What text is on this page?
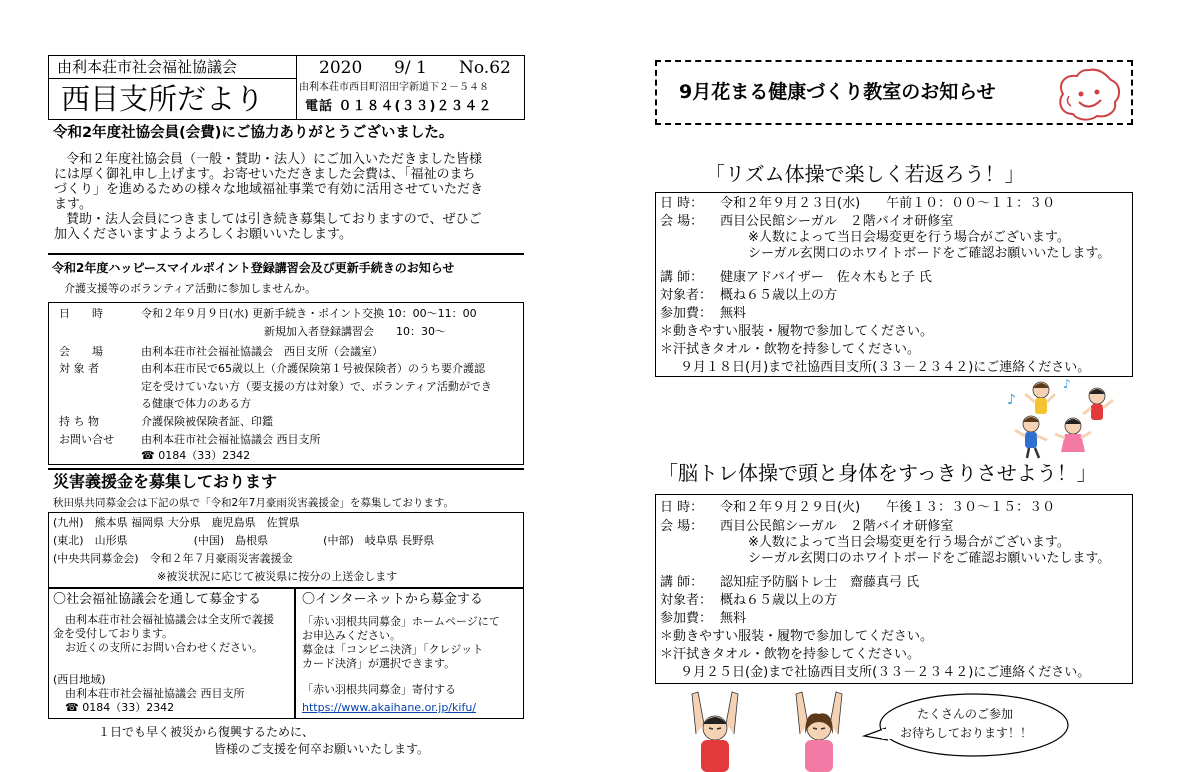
由利本荘市社会福祉協議会
西目支所だより
2020 9/ 1 No.62
由利本荘市西目町沼田字新道下２－５４８
電話 ０１８４(３３)２３４２
令和2年度社協会員(会費)にご協力ありがとうございました。
令和２年度社協会員（一般・賛助・法人）にご加入いただきました皆様
には厚く御礼申し上げます。お寄せいただきました会費は、「福祉のまち
づくり」を進めるための様々な地域福祉事業で有効に活用させていただき
ます。
賛助・法人会員につきましては引き続き募集しておりますので、ぜひご
加入くださいますようよろしくお願いいたします。
令和2年度ハッピースマイルポイント登録講習会及び更新手続きのお知らせ
介護支援等のボランティア活動に参加しませんか。
日　　時	令和２年９月９日(水) 更新手続き・ポイント交換 10：00～11：00
新規加入者登録講習会　　10：30～
会　　場	由利本荘市社会福祉協議会　西目支所（会議室）
対 象 者	由利本荘市民で65歳以上（介護保険第１号被保険者）のうち要介護認
定を受けていない方（要支援の方は対象）で、ボランティア活動ができ
る健康で体力のある方
持 ち 物	介護保険被保険者証、印鑑
お問い合せ 由利本荘市社会福祉協議会 西目支所
☎ 0184（33）2342
災害義援金を募集しております
秋田県共同募金会は下記の県で「令和2年7月豪雨災害義援金」を募集しております。
(九州)　熊本県 福岡県 大分県　鹿児島県　佐賀県
(東北)　山形県　　　　　　(中国)　島根県　　　　　(中部)　岐阜県 長野県
(中央共同募金会)　令和２年７月豪雨災害義援金
※被災状況に応じて被災県に按分の上送金します
〇社会福祉協議会を通して募金する
由利本荘市社会福祉協議会は全支所で義援
金を受付しております。
お近くの支所にお問い合わせください。
(西目地域)
由利本荘市社会福祉協議会 西目支所
☎ 0184（33）2342
〇インターネットから募金する
「赤い羽根共同募金」ホームページにて
お申込みください。
募金は「コンビニ決済」「クレジット
カード決済」が選択できます。
「赤い羽根共同募金」寄付する
https://www.akaihane.or.jp/kifu/
１日でも早く被災から復興するために、
皆様のご支援を何卒お願いいたします。
9月花まる健康づくり教室のお知らせ
「リズム体操で楽しく若返ろう！」
日 時： 令和２年９月２３日(水)　　午前１０：００～１１：３０
会 場： 西目公民館シーガル　２階バイオ研修室
※人数によって当日会場変更を行う場合がございます。
シーガル玄関口のホワイトボードをご確認お願いいたします。
講 師： 健康アドバイザー　佐々木もと子 氏
対象者： 概ね６５歳以上の方
参加費： 無料
＊動きやすい服装・履物で参加してください。
＊汗拭きタオル・飲物を持参してください。
９月１８日(月)まで社協西目支所(３３－２３４２)にご連絡ください。
♪
♪
「脳トレ体操で頭と身体をすっきりさせよう！」
日 時： 令和２年９月２９日(火)　　午後１３：３０～１５：３０
会 場： 西目公民館シーガル　２階バイオ研修室
※人数によって当日会場変更を行う場合がございます。
シーガル玄関口のホワイトボードをご確認お願いいたします。
講 師： 認知症予防脳トレ士　齋藤真弓 氏
対象者： 概ね６５歳以上の方
参加費： 無料
＊動きやすい服装・履物で参加してください。
＊汗拭きタオル・飲物を持参してください。
９月２５日(金)まで社協西目支所(３３－２３４２)にご連絡ください。
たくさんのご参加
お待ちしております！！
